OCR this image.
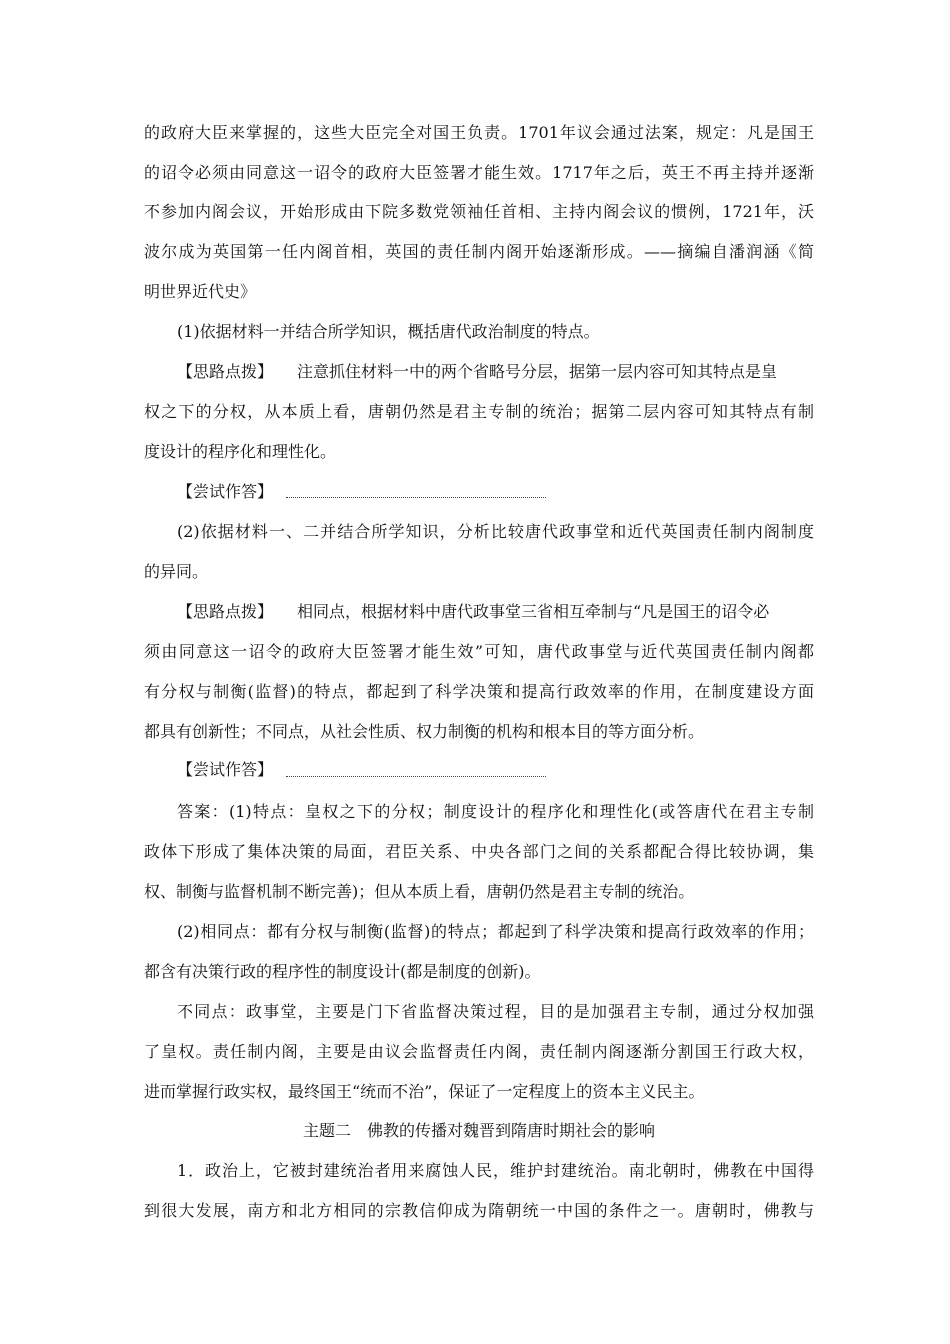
的政府大臣来掌握的，这些大臣完全对国王负责。1701年议会通过法案，规定：凡是国王
的诏令必须由同意这一诏令的政府大臣签署才能生效。1717年之后，英王不再主持并逐渐
不参加内阁会议，开始形成由下院多数党领袖任首相、主持内阁会议的惯例，1721年，沃
波尔成为英国第一任内阁首相，英国的责任制内阁开始逐渐形成。——摘编自潘润涵《简
明世界近代史》
(1)依据材料一并结合所学知识，概括唐代政治制度的特点。
【思路点拨】 注意抓住材料一中的两个省略号分层，据第一层内容可知其特点是皇
权之下的分权，从本质上看，唐朝仍然是君主专制的统治；据第二层内容可知其特点有制
度设计的程序化和理性化。
【尝试作答】
(2)依据材料一、二并结合所学知识，分析比较唐代政事堂和近代英国责任制内阁制度
的异同。
【思路点拨】 相同点，根据材料中唐代政事堂三省相互牵制与“凡是国王的诏令必
须由同意这一诏令的政府大臣签署才能生效”可知，唐代政事堂与近代英国责任制内阁都
有分权与制衡(监督)的特点，都起到了科学决策和提高行政效率的作用，在制度建设方面
都具有创新性；不同点，从社会性质、权力制衡的机构和根本目的等方面分析。
【尝试作答】
答案：(1)特点：皇权之下的分权；制度设计的程序化和理性化(或答唐代在君主专制
政体下形成了集体决策的局面，君臣关系、中央各部门之间的关系都配合得比较协调，集
权、制衡与监督机制不断完善)；但从本质上看，唐朝仍然是君主专制的统治。
(2)相同点：都有分权与制衡(监督)的特点；都起到了科学决策和提高行政效率的作用；
都含有决策行政的程序性的制度设计(都是制度的创新)。
不同点：政事堂，主要是门下省监督决策过程，目的是加强君主专制，通过分权加强
了皇权。责任制内阁，主要是由议会监督责任内阁，责任制内阁逐渐分割国王行政大权，
进而掌握行政实权，最终国王“统而不治”，保证了一定程度上的资本主义民主。
主题二　佛教的传播对魏晋到隋唐时期社会的影响
1．政治上，它被封建统治者用来腐蚀人民，维护封建统治。南北朝时，佛教在中国得
到很大发展，南方和北方相同的宗教信仰成为隋朝统一中国的条件之一。唐朝时，佛教与
